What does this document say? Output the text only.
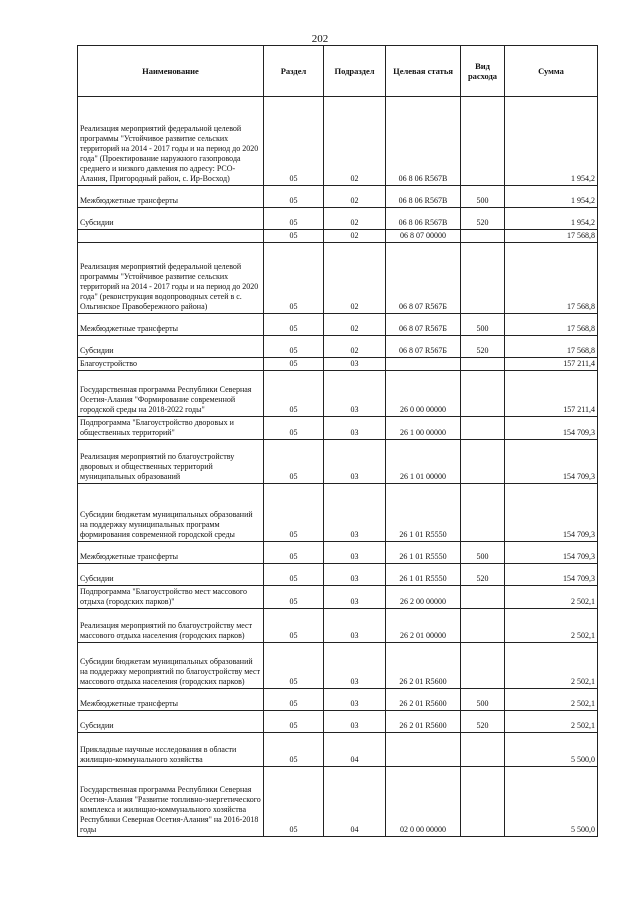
202
Наименование	Раздел	Подраздел	Целевая статья	Вид расхода	Сумма
Реализация мероприятий федеральной целевой программы "Устойчивое развитие сельских территорий на 2014 - 2017 годы и на период до 2020 года" (Проектирование наружного газопровода среднего и низкого давления по адресу: РСО-Алания, Пригородный район, с. Ир-Восход)	05	02	06 8 06 R567В		1 954,2
Межбюджетные трансферты	05	02	06 8 06 R567В	500	1 954,2
Субсидии	05	02	06 8 06 R567В	520	1 954,2
	05	02	06 8 07 00000		17 568,8
Реализация мероприятий федеральной целевой программы "Устойчивое развитие сельских территорий на 2014 - 2017 годы и на период до 2020 года" (реконструкция водопроводных сетей в с. Ольгинское Правобережного района)	05	02	06 8 07 R567Б		17 568,8
Межбюджетные трансферты	05	02	06 8 07 R567Б	500	17 568,8
Субсидии	05	02	06 8 07 R567Б	520	17 568,8
Благоустройство	05	03			157 211,4
Государственная программа Республики Северная Осетия-Алания "Формирование современной городской среды на 2018-2022 годы"	05	03	26 0 00 00000		157 211,4
Подпрограмма "Благоустройство дворовых и общественных территорий"	05	03	26 1 00 00000		154 709,3
Реализация мероприятий по благоустройству дворовых и общественных территорий муниципальных образований	05	03	26 1 01 00000		154 709,3
Субсидии бюджетам муниципальных образований на поддержку муниципальных программ формирования современной городской среды	05	03	26 1 01 R5550		154 709,3
Межбюджетные трансферты	05	03	26 1 01 R5550	500	154 709,3
Субсидии	05	03	26 1 01 R5550	520	154 709,3
Подпрограмма "Благоустройство мест массового отдыха (городских парков)"	05	03	26 2 00 00000		2 502,1
Реализация мероприятий по благоустройству мест массового отдыха населения (городских парков)	05	03	26 2 01 00000		2 502,1
Субсидии бюджетам муниципальных образований на поддержку мероприятий по благоустройству мест массового отдыха населения (городских парков)	05	03	26 2 01 R5600		2 502,1
Межбюджетные трансферты	05	03	26 2 01 R5600	500	2 502,1
Субсидии	05	03	26 2 01 R5600	520	2 502,1
Прикладные научные исследования в области жилищно-коммунального хозяйства	05	04			5 500,0
Государственная программа Республики Северная Осетия-Алания "Развитие топливно-энергетического комплекса и жилищно-коммунального хозяйства Республики Северная Осетия-Алания" на 2016-2018 годы	05	04	02 0 00 00000		5 500,0
